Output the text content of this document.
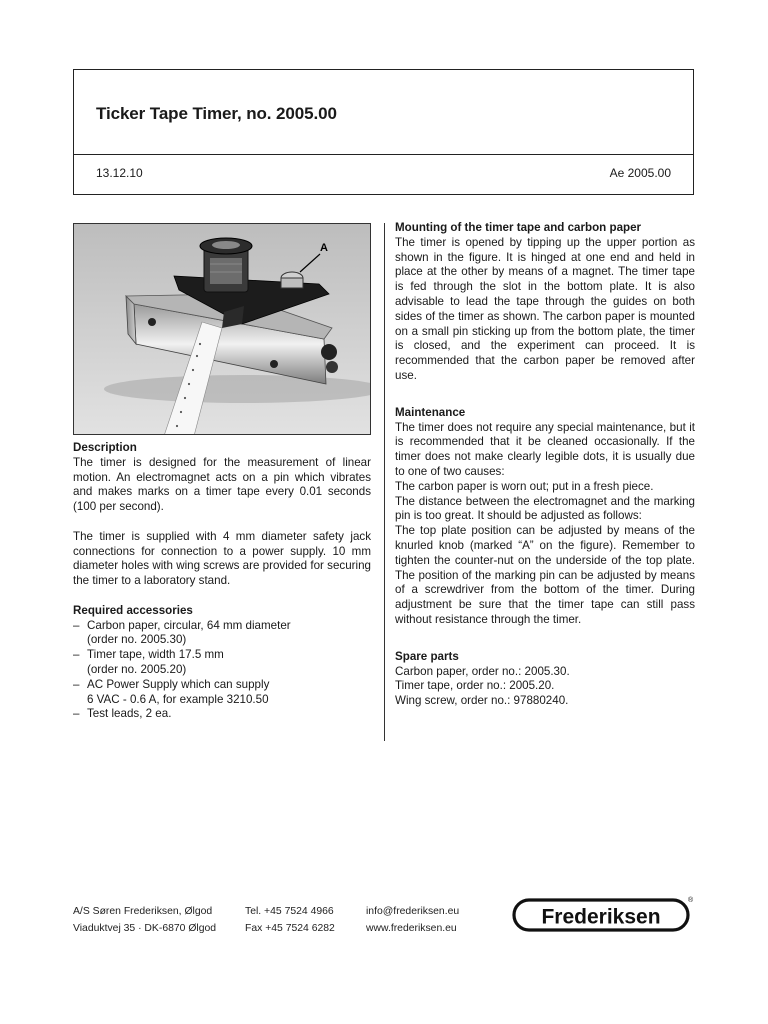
Ticker Tape Timer, no. 2005.00
13.12.10	Ae 2005.00
A
Description

The timer is designed for the measurement of linear motion. An electromagnet acts on a pin which vibrates and makes marks on a timer tape every 0.01 seconds (100 per second).

The timer is supplied with 4 mm diameter safety jack connections for connection to a power supply. 10 mm diameter holes with wing screws are provided for securing the timer to a laboratory stand.

Required accessories
– Carbon paper, circular, 64 mm diameter
(order no. 2005.30)
– Timer tape, width 17.5 mm
(order no. 2005.20)
– AC Power Supply which can supply
6 VAC - 0.6 A, for example 3210.50
– Test leads, 2 ea.
Mounting of the timer tape and carbon paper

The timer is opened by tipping up the upper portion as shown in the figure. It is hinged at one end and held in place at the other by means of a magnet. The timer tape is fed through the slot in the bottom plate. It is also advisable to lead the tape through the guides on both sides of the timer as shown. The carbon paper is mounted on a small pin sticking up from the bottom plate, the timer is closed, and the experiment can proceed. It is recommended that the carbon paper be removed after use.

Maintenance

The timer does not require any special maintenance, but it is recommended that it be cleaned occasionally. If the timer does not make clearly legible dots, it is usually due to one of two causes:

The carbon paper is worn out; put in a fresh piece.

The distance between the electromagnet and the marking pin is too great. It should be adjusted as follows:

The top plate position can be adjusted by means of the knurled knob (marked “A” on the figure). Remember to tighten the counter-nut on the underside of the top plate. The position of the marking pin can be adjusted by means of a screwdriver from the bottom of the timer. During adjustment be sure that the timer tape can still pass without resistance through the timer.

Spare parts
Carbon paper, order no.: 2005.30.
Timer tape, order no.: 2005.20.
Wing screw, order no.: 97880240.
A/S Søren Frederiksen, Ølgod
Viaduktvej 35 · DK-6870 Ølgod
Tel. +45 7524 4966
Fax +45 7524 6282
info@frederiksen.eu
www.frederiksen.eu	Frederiksen
®
